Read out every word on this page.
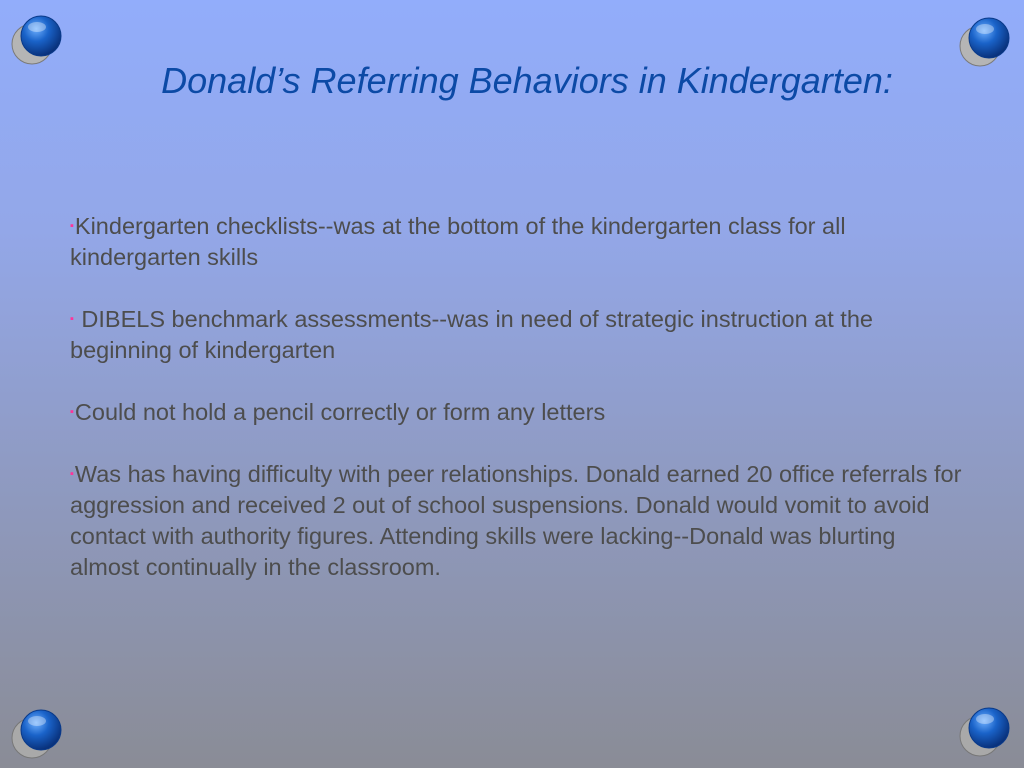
Donald’s Referring Behaviors in Kindergarten:

▪Kindergarten checklists--was at the bottom of the kindergarten class for all kindergarten skills

▪ DIBELS benchmark assessments--was in need of strategic instruction at the beginning of kindergarten

▪Could not hold a pencil correctly or form any letters

▪Was has having difficulty with peer relationships. Donald earned 20 office referrals for aggression and received 2 out of school suspensions. Donald would vomit to avoid contact with authority figures. Attending skills were lacking--Donald was blurting almost continually in the classroom.
